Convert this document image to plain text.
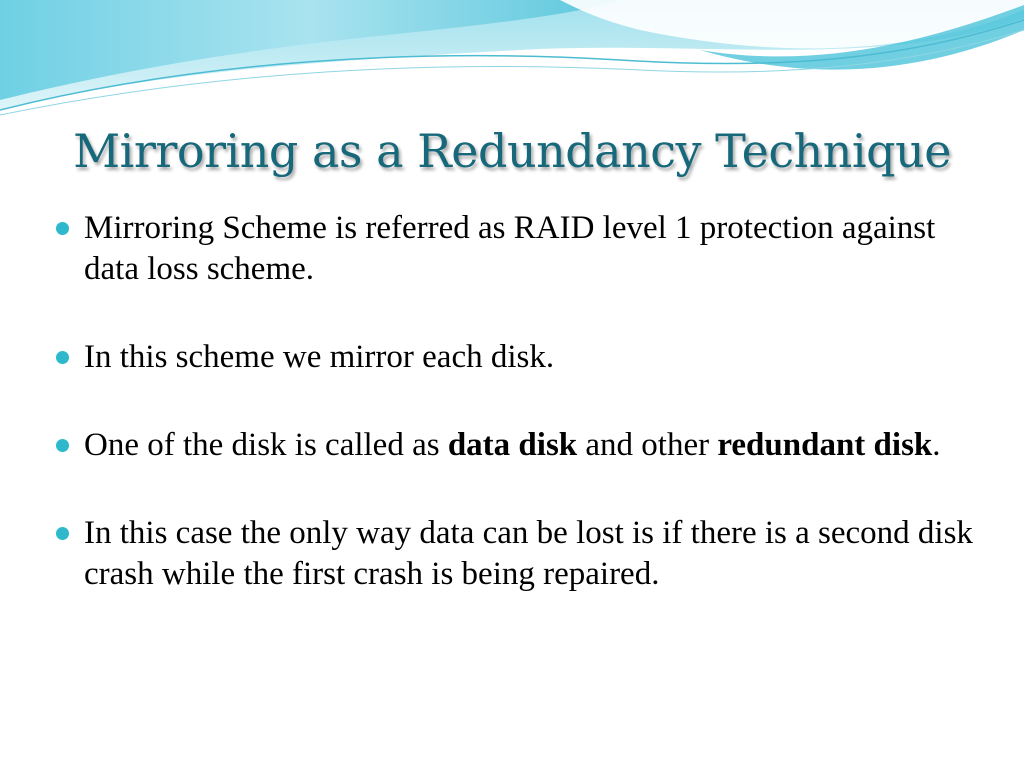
Mirroring as a Redundancy Technique
Mirroring Scheme is referred as RAID level 1 protection against data loss scheme.
In this scheme we mirror each disk.
One of the disk is called as data disk and other redundant disk.
In this case the only way data can be lost is if there is a second disk crash while the first crash is being repaired.
